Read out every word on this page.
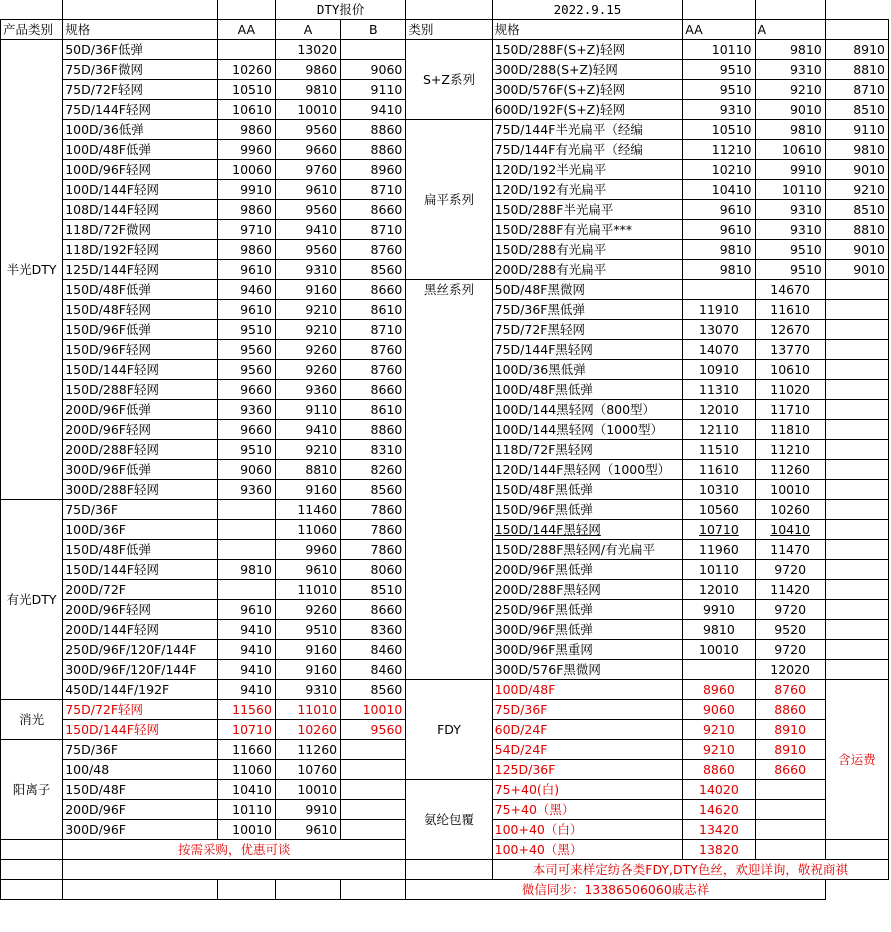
			DTY报价			2022.9.15			
产品类别	规格	AA	A	B	类别	规格	AA	A	
半光DTY	50D/36F低弹		13020		S+Z系列	150D/288F(S+Z)轻网	10110	9810	8910
	75D/36F微网	10260	9860	9060		300D/288(S+Z)轻网	9510	9310	8810
	75D/72F轻网	10510	9810	9110		300D/576F(S+Z)轻网	9510	9210	8710
	75D/144F轻网	10610	10010	9410		600D/192F(S+Z)轻网	9310	9010	8510
	100D/36低弹	9860	9560	8860	扁平系列	75D/144F半光扁平（经编	10510	9810	9110
	100D/48F低弹	9960	9660	8860		75D/144F有光扁平（经编	11210	10610	9810
	100D/96F轻网	10060	9760	8960		120D/192半光扁平	10210	9910	9010
	100D/144F轻网	9910	9610	8710		120D/192有光扁平	10410	10110	9210
	108D/144F轻网	9860	9560	8660		150D/288F半光扁平	9610	9310	8510
	118D/72F微网	9710	9410	8710		150D/288F有光扁平***	9610	9310	8810
	118D/192F轻网	9860	9560	8760		150D/288有光扁平	9810	9510	9010
	125D/144F轻网	9610	9310	8560		200D/288有光扁平	9810	9510	9010
	150D/48F低弹	9460	9160	8660	黑丝系列	50D/48F黑微网		14670	
	150D/48F轻网	9610	9210	8610		75D/36F黑低弹	11910	11610	
	150D/96F低弹	9510	9210	8710		75D/72F黑轻网	13070	12670	
	150D/96F轻网	9560	9260	8760		75D/144F黑轻网	14070	13770	
	150D/144F轻网	9560	9260	8760		100D/36黑低弹	10910	10610	
	150D/288F轻网	9660	9360	8660		100D/48F黑低弹	11310	11020	
	200D/96F低弹	9360	9110	8610		100D/144黑轻网（800型）	12010	11710	
	200D/96F轻网	9660	9410	8860		100D/144黑轻网（1000型）	12110	11810	
	200D/288F轻网	9510	9210	8310		118D/72F黑轻网	11510	11210	
	300D/96F低弹	9060	8810	8260		120D/144F黑轻网（1000型）	11610	11260	
	300D/288F轻网	9360	9160	8560		150D/48F黑低弹	10310	10010	
有光DTY	75D/36F		11460	7860		150D/96F黑低弹	10560	10260	
	100D/36F		11060	7860		150D/144F黑轻网	10710	10410	
	150D/48F低弹		9960	7860		150D/288F黑轻网/有光扁平	11960	11470	
	150D/144F轻网	9810	9610	8060		200D/96F黑低弹	10110	9720	
	200D/72F		11010	8510		200D/288F黑轻网	12010	11420	
	200D/96F轻网	9610	9260	8660		250D/96F黑低弹	9910	9720	
	200D/144F轻网	9410	9510	8360		300D/96F黑低弹	9810	9520	
	250D/96F/120F/144F	9410	9160	8460		300D/96F黑重网	10010	9720	
	300D/96F/120F/144F	9410	9160	8460		300D/576F黑微网		12020	
	450D/144F/192F	9410	9310	8560	FDY	100D/48F	8960	8760	含运费
消光	75D/72F轻网	11560	11010	10010		75D/36F	9060	8860	
	150D/144F轻网	10710	10260	9560		60D/24F	9210	8910	
阳离子	75D/36F	11660	11260			54D/24F	9210	8910	
	100/48	11060	10760			125D/36F	8860	8660	
	150D/48F	10410	10010		氨纶包覆	75+40(白)	14020		
	200D/96F	10110	9910			75+40（黑）	14620		
	300D/96F	10010	9610			100+40（白）	13420		
	按需采购，优惠可谈					100+40（黑）	13820		
						本司可来样定纺各类FDY,DTY色丝，欢迎详询，敬祝商祺			
					微信同步：13386506060戚志祥				
